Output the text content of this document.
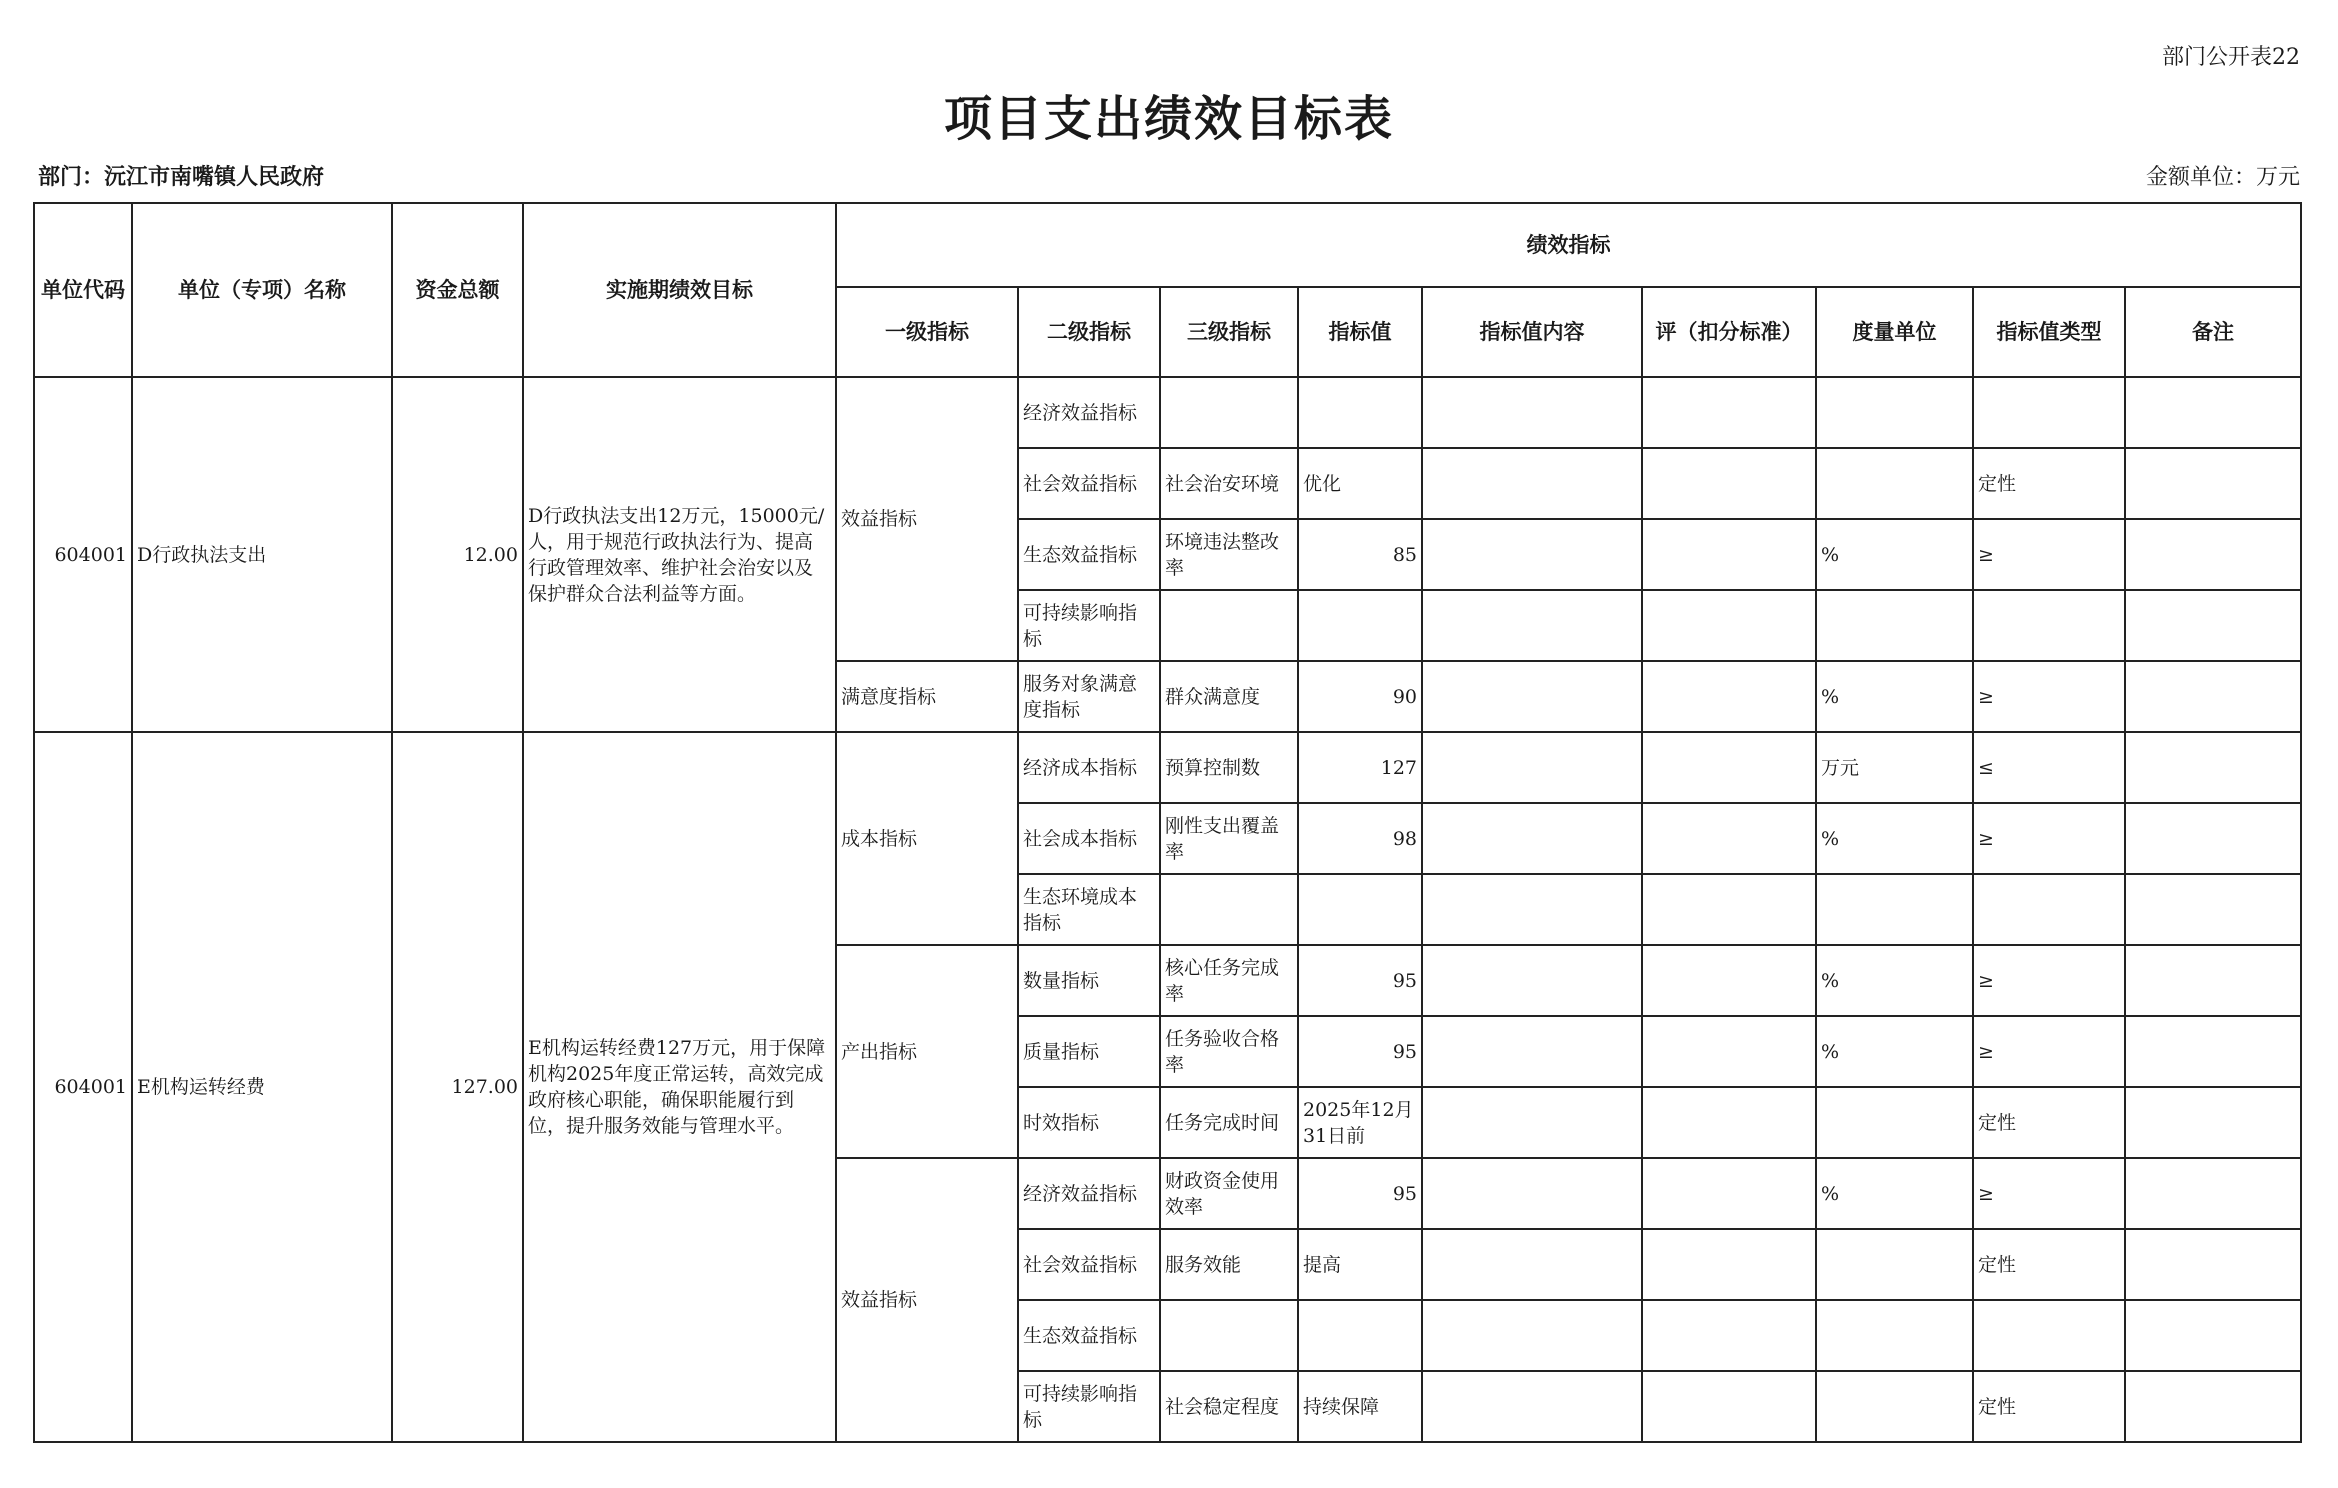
部门公开表22
项目支出绩效目标表
部门：沅江市南嘴镇人民政府	金额单位：万元
单位代码	单位（专项）名称	资金总额	实施期绩效目标	绩效指标								
				一级指标	二级指标	三级指标	指标值	指标值内容	评（扣分标准）	度量单位	指标值类型	备注
604001	D行政执法支出	12.00	D行政执法支出12万元，15000元/人，用于规范行政执法行为、提高行政管理效率、维护社会治安以及保护群众合法利益等方面。	效益指标	经济效益指标							
					社会效益指标	社会治安环境	优化				定性	
					生态效益指标	环境违法整改率	85			%	≥	
					可持续影响指标							
				满意度指标	服务对象满意度指标	群众满意度	90			%	≥	
604001	E机构运转经费	127.00	E机构运转经费127万元，用于保障机构2025年度正常运转，高效完成政府核心职能，确保职能履行到位，提升服务效能与管理水平。	成本指标	经济成本指标	预算控制数	127			万元	≤	
					社会成本指标	刚性支出覆盖率	98			%	≥	
					生态环境成本指标							
				产出指标	数量指标	核心任务完成率	95			%	≥	
					质量指标	任务验收合格率	95			%	≥	
					时效指标	任务完成时间	2025年12月31日前				定性	
				效益指标	经济效益指标	财政资金使用效率	95			%	≥	
					社会效益指标	服务效能	提高				定性	
					生态效益指标							
					可持续影响指标	社会稳定程度	持续保障				定性	
